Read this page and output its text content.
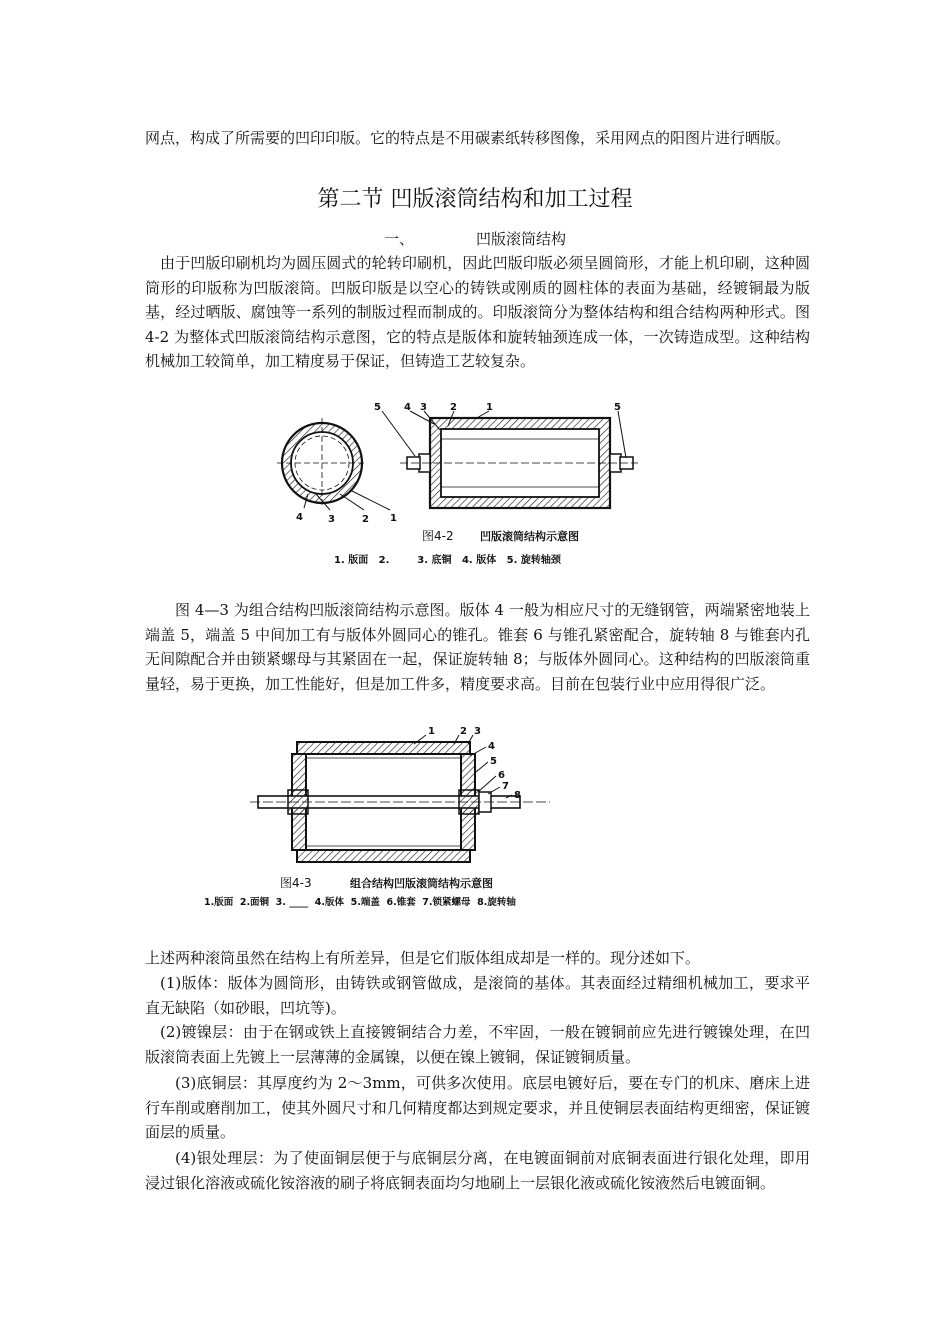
网点，构成了所需要的凹印印版。它的特点是不用碳素纸转移图像，采用网点的阳图片进行晒版。

第二节 凹版滚筒结构和加工过程
一、	凹版滚筒结构

由于凹版印刷机均为圆压圆式的轮转印刷机，因此凹版印版必须呈圆筒形，才能上机印刷，这种圆筒形的印版称为凹版滚筒。凹版印版是以空心的铸铁或刚质的圆柱体的表面为基础，经镀铜最为版基，经过晒版、腐蚀等一系列的制版过程而制成的。印版滚筒分为整体结构和组合结构两种形式。图 4-2 为整体式凹版滚筒结构示意图，它的特点是版体和旋转轴颈连成一体，一次铸造成型。这种结构机械加工较简单，加工精度易于保证，但铸造工艺较复杂。

4	3	2 1
5 4 3 2	1	5
图4-2 凹版滚筒结构示意图
1. 版面   2.        3. 底铜   4. 版体   5. 旋转轴颈

图 4—3 为组合结构凹版滚筒结构示意图。版体 4 一般为相应尺寸的无缝钢管，两端紧密地装上端盖 5，端盖 5 中间加工有与版体外圆同心的锥孔。锥套 6 与锥孔紧密配合，旋转轴 8 与锥套内孔无间隙配合并由锁紧螺母与其紧固在一起，保证旋转轴 8；与版体外圆同心。这种结构的凹版滚筒重量轻，易于更换，加工性能好，但是加工件多，精度要求高。目前在包装行业中应用得很广泛。

1	2 3
4
5
6
7
8
图4-3	组合结构凹版滚筒结构示意图
1.版面  2.面铜  3. ____  4.版体  5.端盖  6.锥套  7.锁紧螺母  8.旋转轴

上述两种滚筒虽然在结构上有所差异，但是它们版体组成却是一样的。现分述如下。

(1)版体：版体为圆筒形，由铸铁或钢管做成，是滚筒的基体。其表面经过精细机械加工，要求平直无缺陷（如砂眼，凹坑等)。

(2)镀镍层：由于在钢或铁上直接镀铜结合力差，不牢固，一般在镀铜前应先进行镀镍处理，在凹版滚筒表面上先镀上一层薄薄的金属镍，以便在镍上镀铜，保证镀铜质量。

(3)底铜层：其厚度约为 2～3mm，可供多次使用。底层电镀好后，要在专门的机床、磨床上进行车削或磨削加工，使其外圆尺寸和几何精度都达到规定要求，并且使铜层表面结构更细密，保证镀面层的质量。

(4)银处理层：为了使面铜层便于与底铜层分离，在电镀面铜前对底铜表面进行银化处理，即用浸过银化溶液或硫化铵溶液的刷子将底铜表面均匀地刷上一层银化液或硫化铵液然后电镀面铜。
